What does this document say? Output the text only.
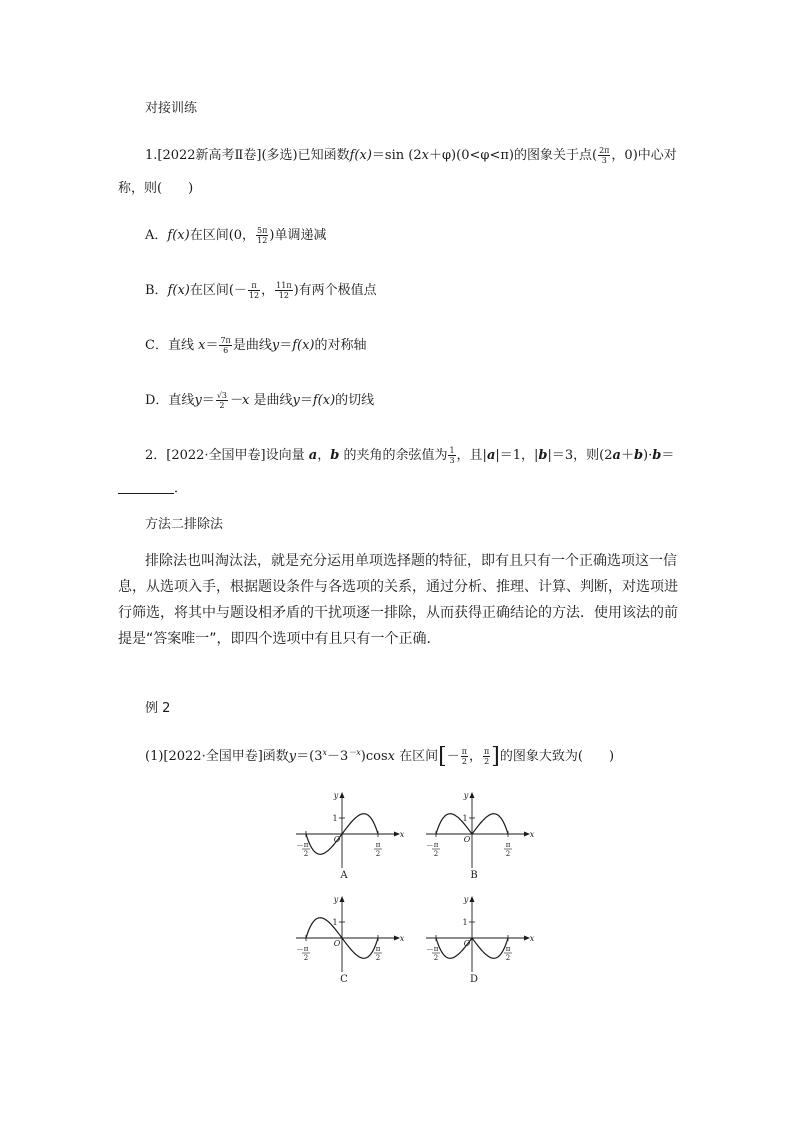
对接训练
1.[2022新高考Ⅱ卷](多选)已知函数f(x)＝sin (2x＋φ)(0<φ<π)的图象关于点( $\frac{2\pi}{3}$ ，0)中心对
称，则(　　)
A．f(x)在区间(0， $\frac{5\pi}{12}$ )单调递减
B．f(x)在区间(－ $\frac{\pi}{12}$ ， $\frac{11\pi}{12}$ )有两个极值点
C．直线 $x= \frac{7\pi}{6}$ 是曲线y＝f(x)的对称轴
D．直线$y= \frac{√3}{2} -x$ 是曲线y＝f(x)的切线
2．[2022·全国甲卷]设向量 a，b 的夹角的余弦值为 $\frac{1}{3}$ ，且|a|＝1，|b|＝3，则(2a＋b)·b＝
．
方法二排除法
排除法也叫淘汰法，就是充分运用单项选择题的特征，即有且只有一个正确选项这一信息，从选项入手，根据题设条件与各选项的关系，通过分析、推理、计算、判断，对选项进行筛选，将其中与题设相矛盾的干扰项逐一排除，从而获得正确结论的方法．使用该法的前提是“答案唯一”，即四个选项中有且只有一个正确．
例 2
(1)[2022·全国甲卷]函数$y=(3^x-3^{-x})\cos x$ 在区间[－ $\frac{\pi}{2}$ ， $\frac{\pi}{2}$ ]的图象大致为(　　)
y
x
O
1
－ π
2
π
2
A
y
x
O
1
－ π
2
π
2
B
y
x
O
1
－ π
2
π
2
C
y
x
O
1
－ π
2
π
2
D
